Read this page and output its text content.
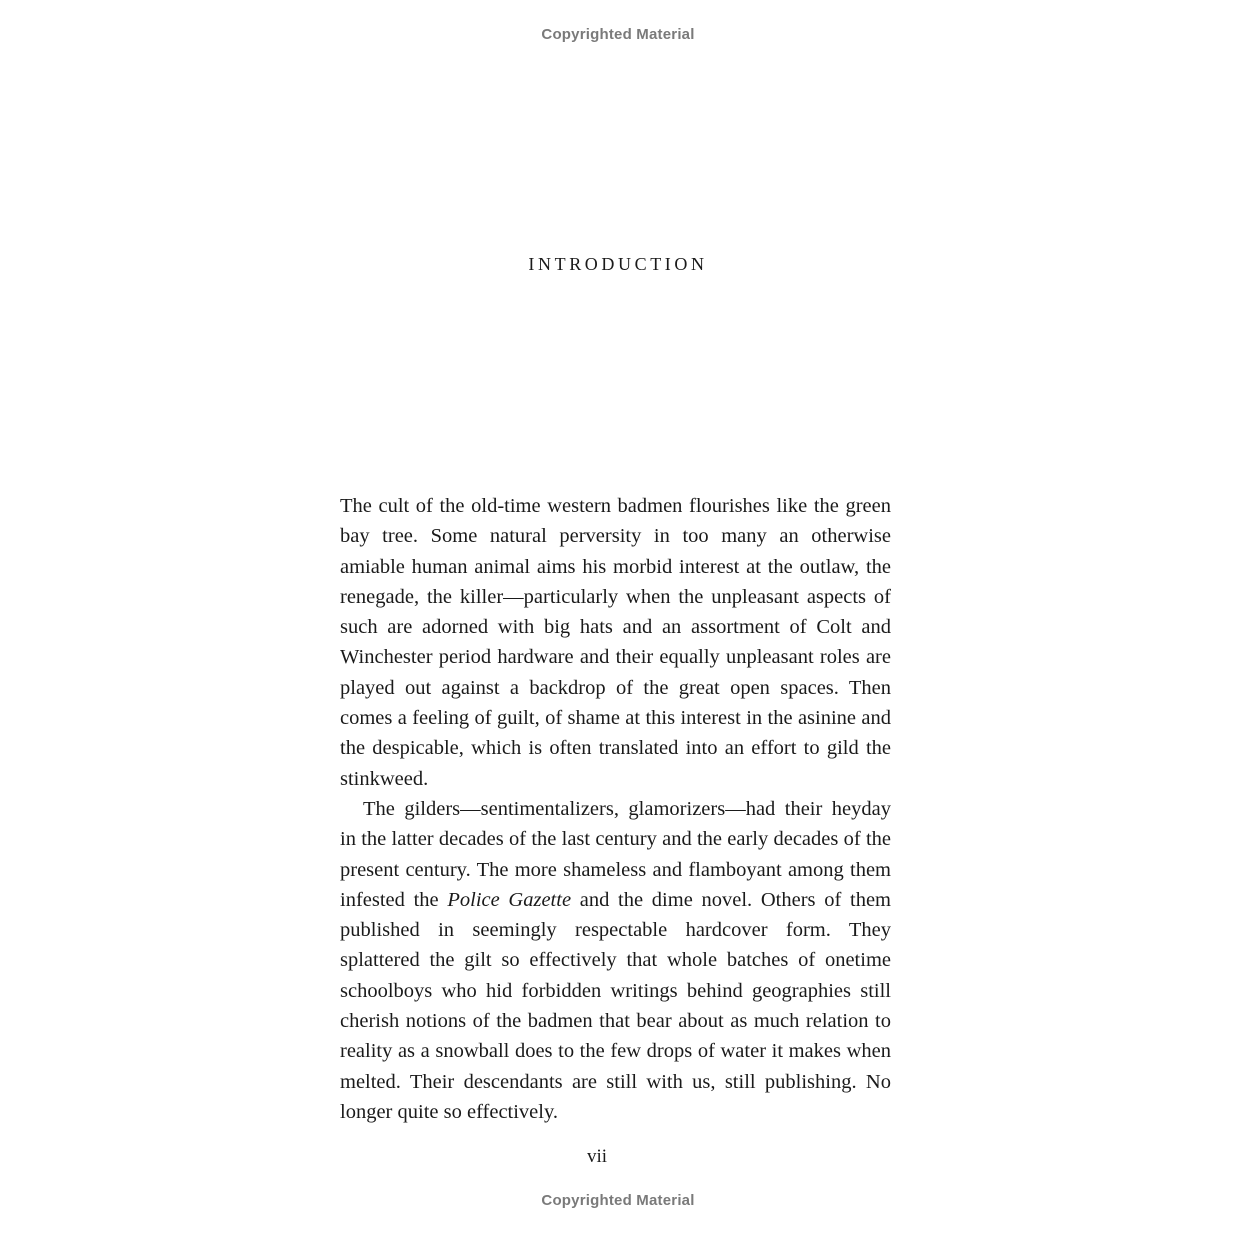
Copyrighted Material
INTRODUCTION

The cult of the old-time western badmen flourishes like the green bay tree. Some natural perversity in too many an otherwise amiable human animal aims his morbid interest at the outlaw, the renegade, the killer—particularly when the unpleasant aspects of such are adorned with big hats and an assortment of Colt and Winchester period hardware and their equally unpleasant roles are played out against a backdrop of the great open spaces. Then comes a feeling of guilt, of shame at this interest in the asinine and the despicable, which is often translated into an effort to gild the stinkweed.

The gilders—sentimentalizers, glamorizers—had their heyday in the latter decades of the last century and the early decades of the present century. The more shameless and flamboyant among them infested the Police Gazette and the dime novel. Others of them published in seemingly respectable hardcover form. They splattered the gilt so effectively that whole batches of onetime schoolboys who hid forbidden writings behind geographies still cherish notions of the badmen that bear about as much relation to reality as a snowball does to the few drops of water it makes when melted. Their descendants are still with us, still publishing. No longer quite so effectively.

vii
Copyrighted Material
